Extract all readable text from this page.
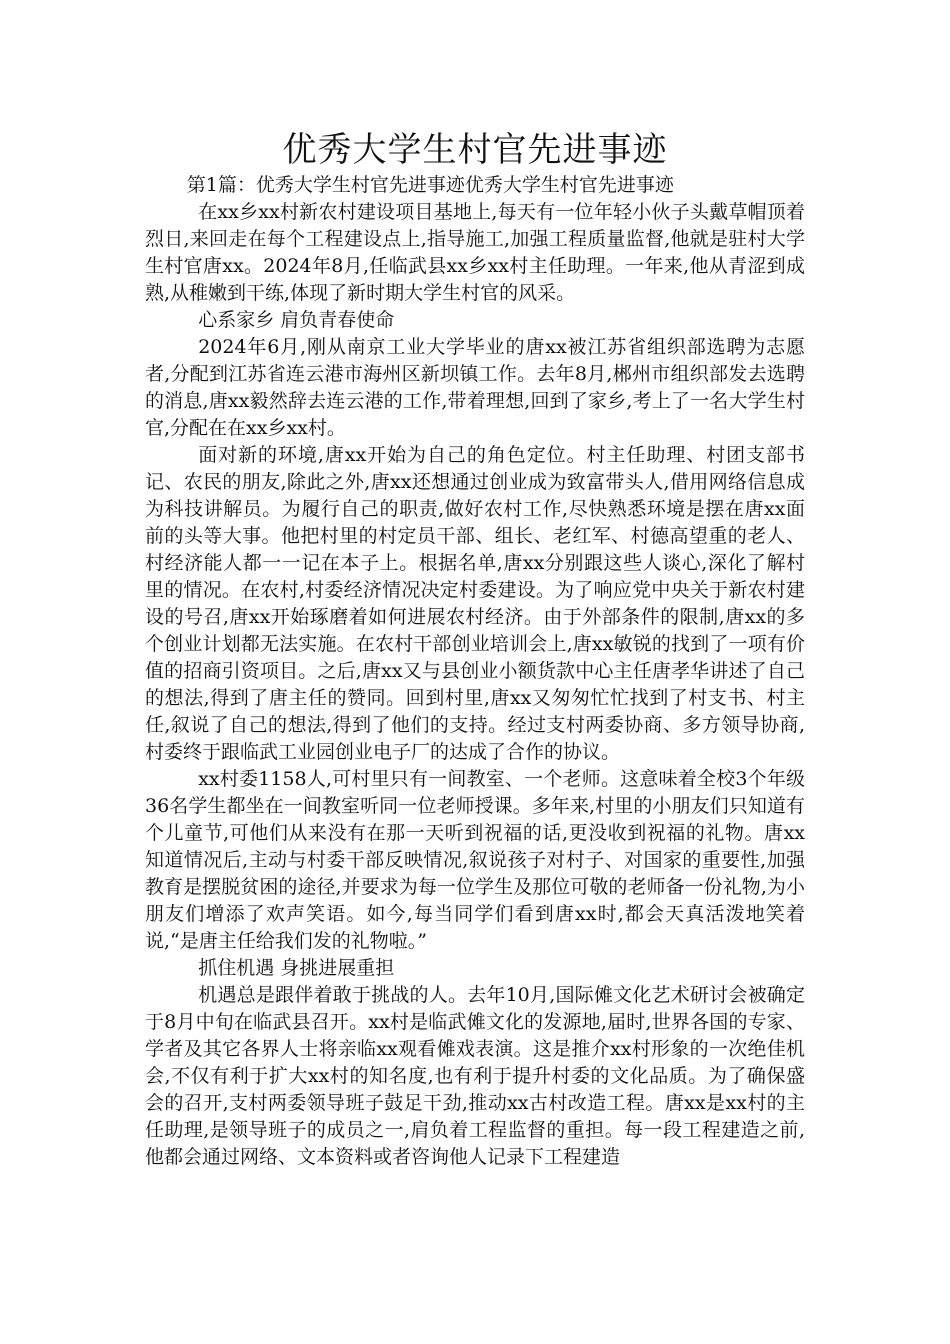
优秀大学生村官先进事迹

第1篇：优秀大学生村官先进事迹优秀大学生村官先进事迹

在xx乡xx村新农村建设项目基地上,每天有一位年轻小伙子头戴草帽顶着烈日,来回走在每个工程建设点上,指导施工,加强工程质量监督,他就是驻村大学生村官唐xx。2024年8月,任临武县xx乡xx村主任助理。一年来,他从青涩到成熟,从稚嫩到干练,体现了新时期大学生村官的风采。

心系家乡 肩负青春使命

2024年6月,刚从南京工业大学毕业的唐xx被江苏省组织部选聘为志愿者,分配到江苏省连云港市海州区新坝镇工作。去年8月,郴州市组织部发去选聘的消息,唐xx毅然辞去连云港的工作,带着理想,回到了家乡,考上了一名大学生村官,分配在在xx乡xx村。

面对新的环境,唐xx开始为自己的角色定位。村主任助理、村团支部书记、农民的朋友,除此之外,唐xx还想通过创业成为致富带头人,借用网络信息成为科技讲解员。为履行自己的职责,做好农村工作,尽快熟悉环境是摆在唐xx面前的头等大事。他把村里的村定员干部、组长、老红军、村德高望重的老人、村经济能人都一一记在本子上。根据名单,唐xx分别跟这些人谈心,深化了解村里的情况。在农村,村委经济情况决定村委建设。为了响应党中央关于新农村建设的号召,唐xx开始琢磨着如何进展农村经济。由于外部条件的限制,唐xx的多个创业计划都无法实施。在农村干部创业培训会上,唐xx敏锐的找到了一项有价值的招商引资项目。之后,唐xx又与县创业小额货款中心主任唐孝华讲述了自己的想法,得到了唐主任的赞同。回到村里,唐xx又匆匆忙忙找到了村支书、村主任,叙说了自己的想法,得到了他们的支持。经过支村两委协商、多方领导协商,村委终于跟临武工业园创业电子厂的达成了合作的协议。

xx村委1158人,可村里只有一间教室、一个老师。这意味着全校3个年级36名学生都坐在一间教室听同一位老师授课。多年来,村里的小朋友们只知道有个儿童节,可他们从来没有在那一天听到祝福的话,更没收到祝福的礼物。唐xx知道情况后,主动与村委干部反映情况,叙说孩子对村子、对国家的重要性,加强教育是摆脱贫困的途径,并要求为每一位学生及那位可敬的老师备一份礼物,为小朋友们增添了欢声笑语。如今,每当同学们看到唐xx时,都会天真活泼地笑着说,“是唐主任给我们发的礼物啦。”

抓住机遇 身挑进展重担

机遇总是跟伴着敢于挑战的人。去年10月,国际傩文化艺术研讨会被确定于8月中旬在临武县召开。xx村是临武傩文化的发源地,届时,世界各国的专家、学者及其它各界人士将亲临xx观看傩戏表演。这是推介xx村形象的一次绝佳机会,不仅有利于扩大xx村的知名度,也有利于提升村委的文化品质。为了确保盛会的召开,支村两委领导班子鼓足干劲,推动xx古村改造工程。唐xx是xx村的主任助理,是领导班子的成员之一,肩负着工程监督的重担。每一段工程建造之前,他都会通过网络、文本资料或者咨询他人记录下工程建造
